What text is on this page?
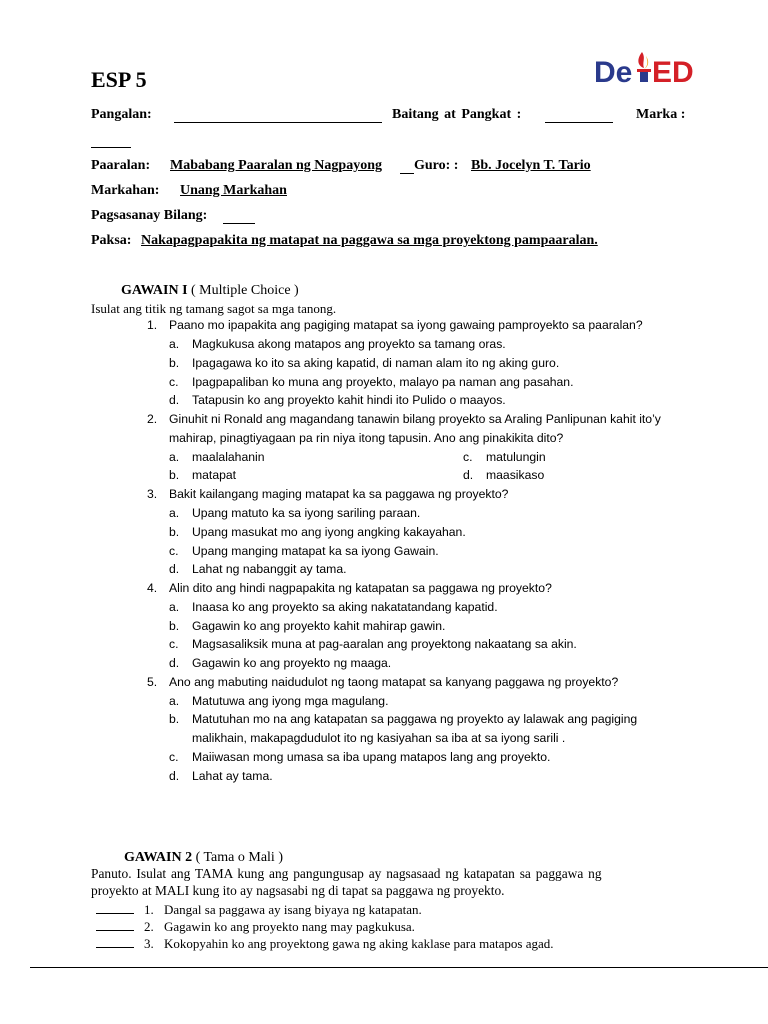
ESP 5	De ED
Pangalan:	Baitang at Pangkat :	Marka :
Paaralan: Mababang Paaralan ng Nagpayong Guro: : Bb. Jocelyn T. Tario
Markahan: Unang Markahan
Pagsasanay Bilang:
Paksa: Nakapagpapakita ng matapat na paggawa sa mga proyektong pampaaralan.
GAWAIN I ( Multiple Choice )
Isulat ang titik ng tamang sagot sa mga tanong.
1. Paano mo ipapakita ang pagiging matapat sa iyong gawaing pamproyekto sa paaralan?
a. Magkukusa akong matapos ang proyekto sa tamang oras.
b. Ipagagawa ko ito sa aking kapatid, di naman alam ito ng aking guro.
c. Ipagpapaliban ko muna ang proyekto, malayo pa naman ang pasahan.
d. Tatapusin ko ang proyekto kahit hindi ito Pulido o maayos.
2. Ginuhit ni Ronald ang magandang tanawin bilang proyekto sa Araling Panlipunan kahit ito’y
mahirap, pinagtiyagaan pa rin niya itong tapusin. Ano ang pinakikita dito?
a. maalalahanin	c. matulungin
b. matapat	d. maasikaso
3. Bakit kailangang maging matapat ka sa paggawa ng proyekto?
a. Upang matuto ka sa iyong sariling paraan.
b. Upang masukat mo ang iyong angking kakayahan.
c. Upang manging matapat ka sa iyong Gawain.
d. Lahat ng nabanggit ay tama.
4. Alin dito ang hindi nagpapakita ng katapatan sa paggawa ng proyekto?
a. Inaasa ko ang proyekto sa aking nakatatandang kapatid.
b. Gagawin ko ang proyekto kahit mahirap gawin.
c. Magsasaliksik muna at pag-aaralan ang proyektong nakaatang sa akin.
d. Gagawin ko ang proyekto ng maaga.
5. Ano ang mabuting naidudulot ng taong matapat sa kanyang paggawa ng proyekto?
a. Matutuwa ang iyong mga magulang.
b. Matutuhan mo na ang katapatan sa paggawa ng proyekto ay lalawak ang pagiging
malikhain, makapagdudulot ito ng kasiyahan sa iba at sa iyong sarili .
c. Maiiwasan mong umasa sa iba upang matapos lang ang proyekto.
d. Lahat ay tama.
GAWAIN 2 ( Tama o Mali )
Panuto. Isulat ang TAMA kung ang pangungusap ay nagsasaad ng katapatan sa paggawa ng
proyekto at MALI kung ito ay nagsasabi ng di tapat sa paggawa ng proyekto.
1. Dangal sa paggawa ay isang biyaya ng katapatan.
2. Gagawin ko ang proyekto nang may pagkukusa.
3. Kokopyahin ko ang proyektong gawa ng aking kaklase para matapos agad.
